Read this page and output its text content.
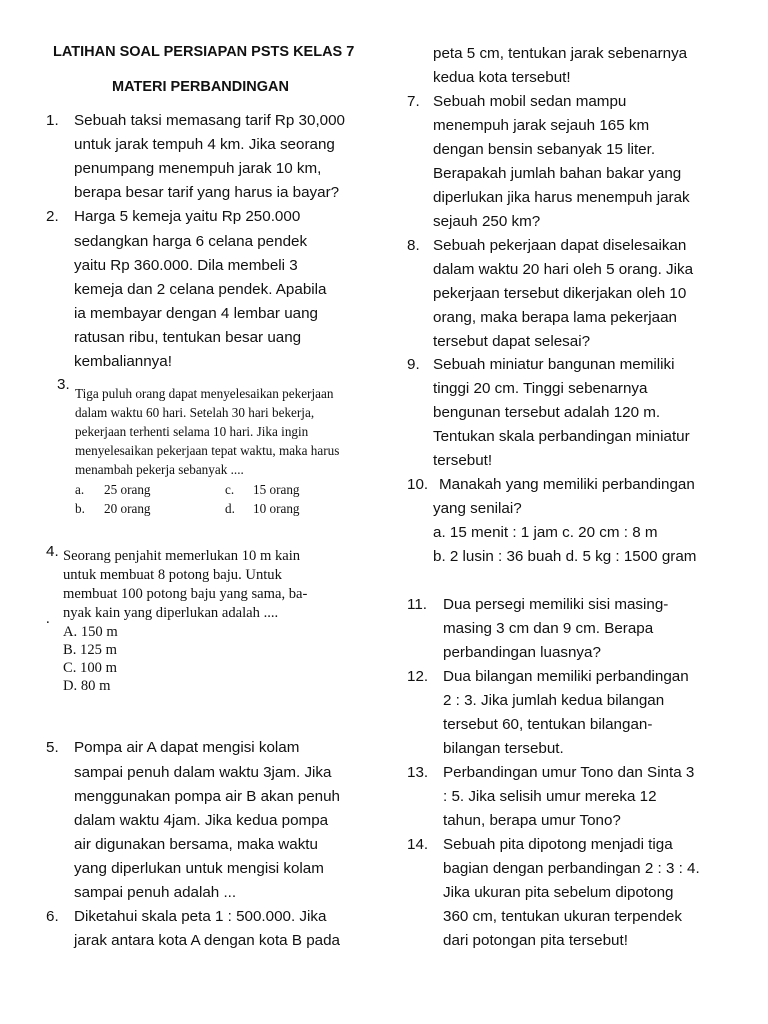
LATIHAN SOAL PERSIAPAN PSTS KELAS 7
MATERI PERBANDINGAN
1. Sebuah taksi memasang tarif Rp 30,000
untuk jarak tempuh 4 km. Jika seorang
penumpang menempuh jarak 10 km,
berapa besar tarif yang harus ia bayar?
2. Harga 5 kemeja yaitu Rp 250.000
sedangkan harga 6 celana pendek
yaitu Rp 360.000. Dila membeli 3
kemeja dan 2 celana pendek. Apabila
ia membayar dengan 4 lembar uang
ratusan ribu, tentukan besar uang
kembaliannya!
3.
Tiga puluh orang dapat menyelesaikan pekerjaan
dalam waktu 60 hari. Setelah 30 hari bekerja,
pekerjaan terhenti selama 10 hari. Jika ingin
menyelesaikan pekerjaan tepat waktu, maka harus
menambah pekerja sebanyak ....
a. 25 orang	c. 15 orang
b. 20 orang	d. 10 orang
4. Seorang penjahit memerlukan 10 m kain
untuk membuat 8 potong baju. Untuk
membuat 100 potong baju yang sama, ba-
nyak kain yang diperlukan adalah ....
.
A. 150 m
B. 125 m
C. 100 m
D. 80 m
5. Pompa air A dapat mengisi kolam
sampai penuh dalam waktu 3jam. Jika
menggunakan pompa air B akan penuh
dalam waktu 4jam. Jika kedua pompa
air digunakan bersama, maka waktu
yang diperlukan untuk mengisi kolam
sampai penuh adalah ...
6. Diketahui skala peta 1 : 500.000. Jika
jarak antara kota A dengan kota B pada
peta 5 cm, tentukan jarak sebenarnya
kedua kota tersebut!
7. Sebuah mobil sedan mampu
menempuh jarak sejauh 165 km
dengan bensin sebanyak 15 liter.
Berapakah jumlah bahan bakar yang
diperlukan jika harus menempuh jarak
sejauh 250 km?
8. Sebuah pekerjaan dapat diselesaikan
dalam waktu 20 hari oleh 5 orang. Jika
pekerjaan tersebut dikerjakan oleh 10
orang, maka berapa lama pekerjaan
tersebut dapat selesai?
9. Sebuah miniatur bangunan memiliki
tinggi 20 cm. Tinggi sebenarnya
bengunan tersebut adalah 120 m.
Tentukan skala perbandingan miniatur
tersebut!
10. Manakah yang memiliki perbandingan
yang senilai?
a. 15 menit : 1 jam c. 20 cm : 8 m
b. 2 lusin : 36 buah d. 5 kg : 1500 gram
11. Dua persegi memiliki sisi masing-
masing 3 cm dan 9 cm. Berapa
perbandingan luasnya?
12. Dua bilangan memiliki perbandingan
2 : 3. Jika jumlah kedua bilangan
tersebut 60, tentukan bilangan-
bilangan tersebut.
13. Perbandingan umur Tono dan Sinta 3
: 5. Jika selisih umur mereka 12
tahun, berapa umur Tono?
14. Sebuah pita dipotong menjadi tiga
bagian dengan perbandingan 2 : 3 : 4.
Jika ukuran pita sebelum dipotong
360 cm, tentukan ukuran terpendek
dari potongan pita tersebut!
